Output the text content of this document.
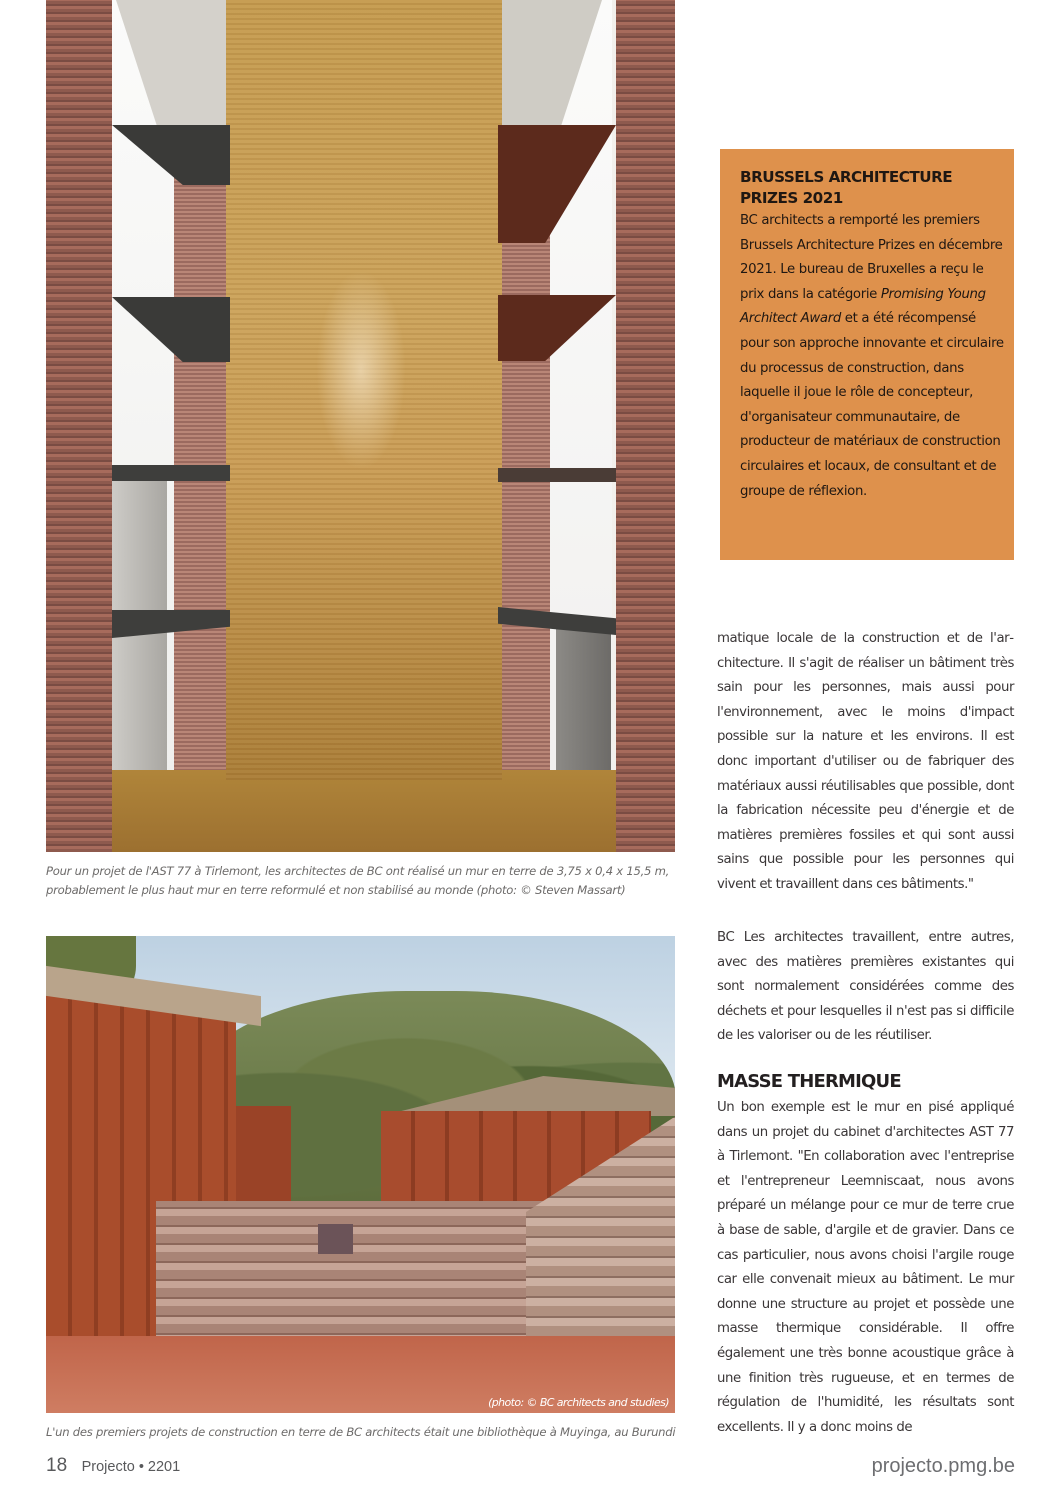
Pour un projet de l'AST 77 à Tirlemont, les architectes de BC ont réalisé un mur en terre de 3,75 x 0,4 x 15,5 m, probablement le plus haut mur en terre reformulé et non stabilisé au monde (photo: © Steven Massart)
(photo: © BC architects and studies)
L'un des premiers projets de construction en terre de BC architects était une bibliothèque à Muyinga, au Burundi
BRUSSELS ARCHITECTURE
PRIZES 2021

BC architects a remporté les premiers Brussels Architecture Prizes en décembre 2021. Le bureau de Bruxelles a reçu le prix dans la catégorie Promising Young Architect Award et a été récompensé pour son approche innovante et circulaire du processus de construction, dans laquelle il joue le rôle de concepteur, d'organisateur communautaire, de producteur de matériaux de construction circulaires et locaux, de consultant et de groupe de réflexion.

matique locale de la construction et de l'architecture. Il s'agit de réaliser un bâtiment très sain pour les personnes, mais aussi pour l'environnement, avec le moins d'impact possible sur la nature et les environs. Il est donc important d'utiliser ou de fabriquer des matériaux aussi réutilisables que possible, dont la fabrication nécessite peu d'énergie et de matières premières fossiles et qui sont aussi sains que possible pour les personnes qui vivent et travaillent dans ces bâtiments."

BC Les architectes travaillent, entre autres, avec des matières premières existantes qui sont normalement considérées comme des déchets et pour lesquelles il n'est pas si difficile de les valoriser ou de les réutiliser.

MASSE THERMIQUE

Un bon exemple est le mur en pisé appliqué dans un projet du cabinet d'architectes AST 77 à Tirlemont. "En collaboration avec l'entreprise et l'entrepreneur Leemniscaat, nous avons préparé un mélange pour ce mur de terre crue à base de sable, d'argile et de gravier. Dans ce cas particulier, nous avons choisi l'argile rouge car elle convenait mieux au bâtiment. Le mur donne une structure au projet et possède une masse thermique considérable. Il offre également une très bonne acoustique grâce à une finition très rugueuse, et en termes de régulation de l'humidité, les résultats sont excellents. Il y a donc moins de

18 Projecto • 2201	projecto.pmg.be
